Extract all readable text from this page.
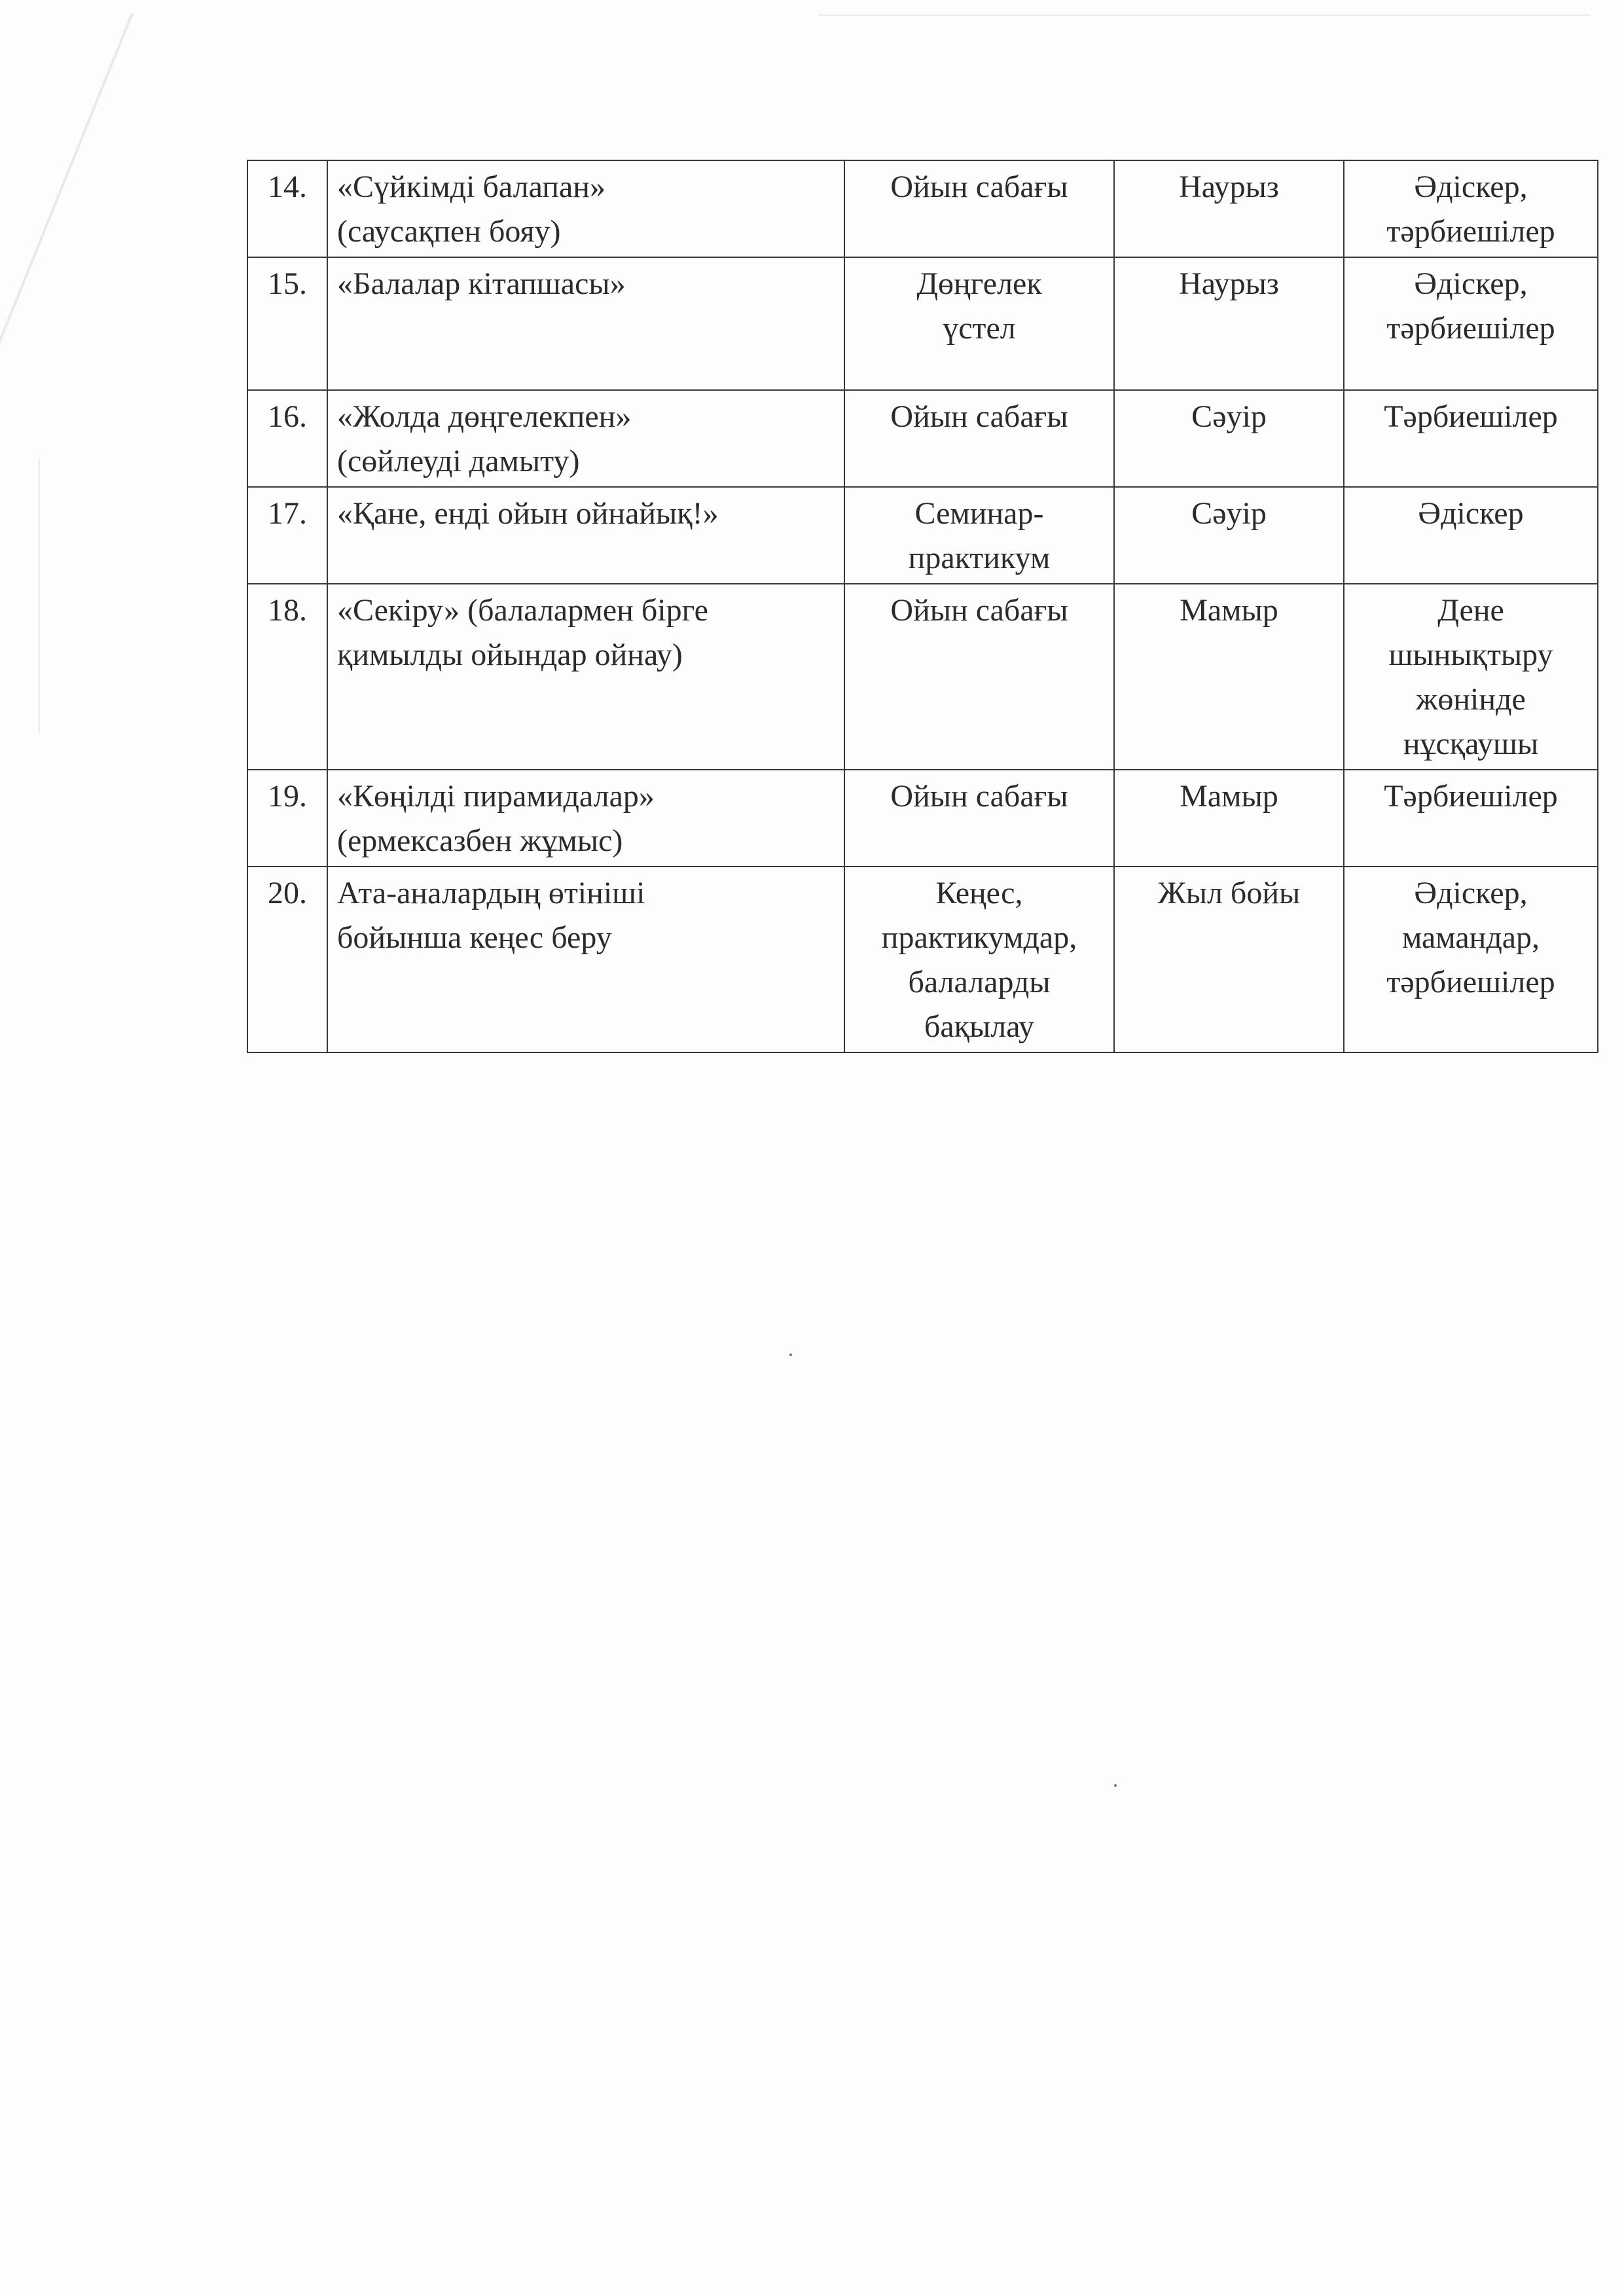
14.	«Сүйкімді балапан»
(саусақпен бояу)	Ойын сабағы	Наурыз	Әдіскер,
тәрбиешілер

15.	«Балалар кітапшасы»	Дөңгелек
үстел	Наурыз	Әдіскер,
тәрбиешілер

16.	«Жолда дөңгелекпен»
(сөйлеуді дамыту)	Ойын сабағы	Сәуір	Тәрбиешілер

17.	«Қане, енді ойын ойнайық!»	Семинар-
практикум	Сәуір	Әдіскер

18.	«Секіру» (балалармен бірге
қимылды ойындар ойнау)	Ойын сабағы	Мамыр	Дене
шынықтыру
жөнінде
нұсқаушы

19.	«Көңілді пирамидалар»
(ермексазбен жұмыс)	Ойын сабағы	Мамыр	Тәрбиешілер

20.	Ата-аналардың өтініші
бойынша кеңес беру	Кеңес,
практикумдар,
балаларды
бақылау	Жыл бойы	Әдіскер,
мамандар,
тәрбиешілер
